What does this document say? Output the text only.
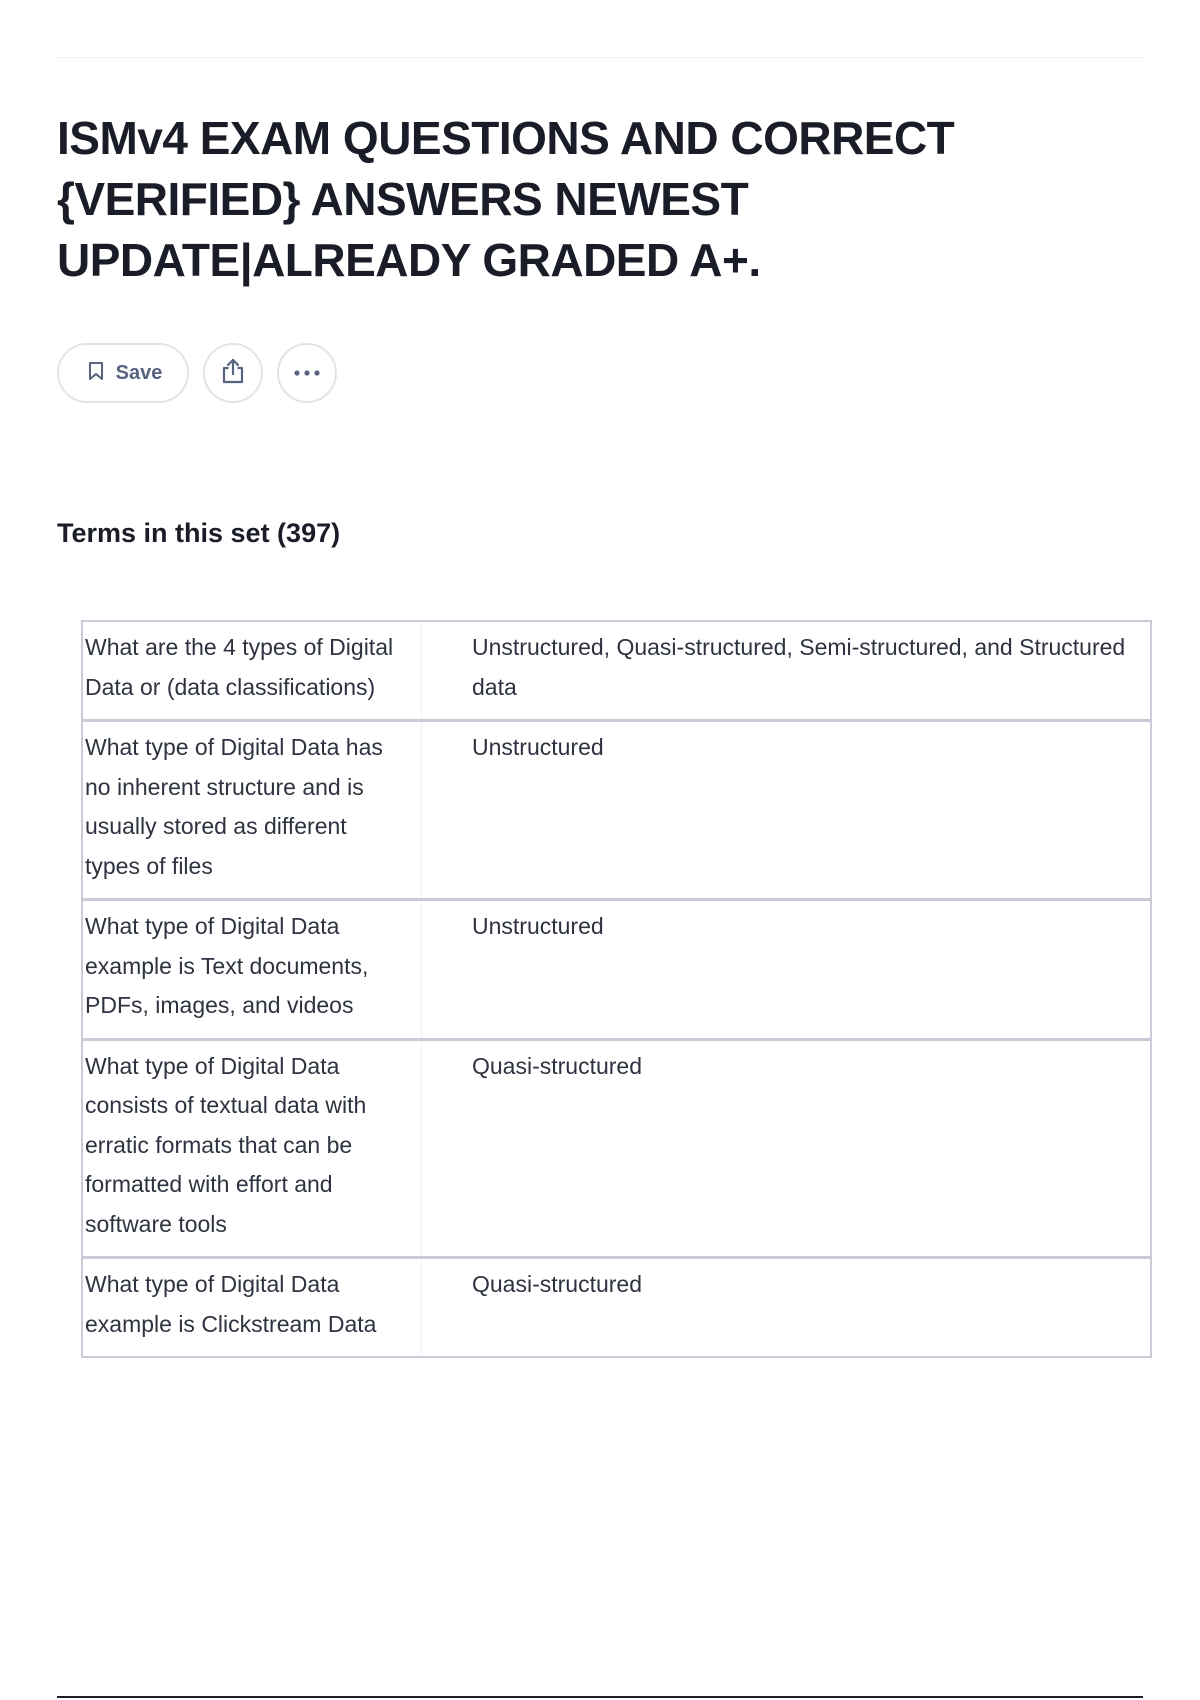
ISMv4 EXAM QUESTIONS AND CORRECT {VERIFIED} ANSWERS NEWEST UPDATE|ALREADY GRADED A+.
Save
Terms in this set (397)
What are the 4 types of Digital Data or (data classifications)	Unstructured, Quasi-structured, Semi-structured, and Structured data
What type of Digital Data has no inherent structure and is usually stored as different types of files	Unstructured
What type of Digital Data example is Text documents, PDFs, images, and videos	Unstructured
What type of Digital Data consists of textual data with erratic formats that can be formatted with effort and software tools	Quasi-structured
What type of Digital Data example is Clickstream Data	Quasi-structured
